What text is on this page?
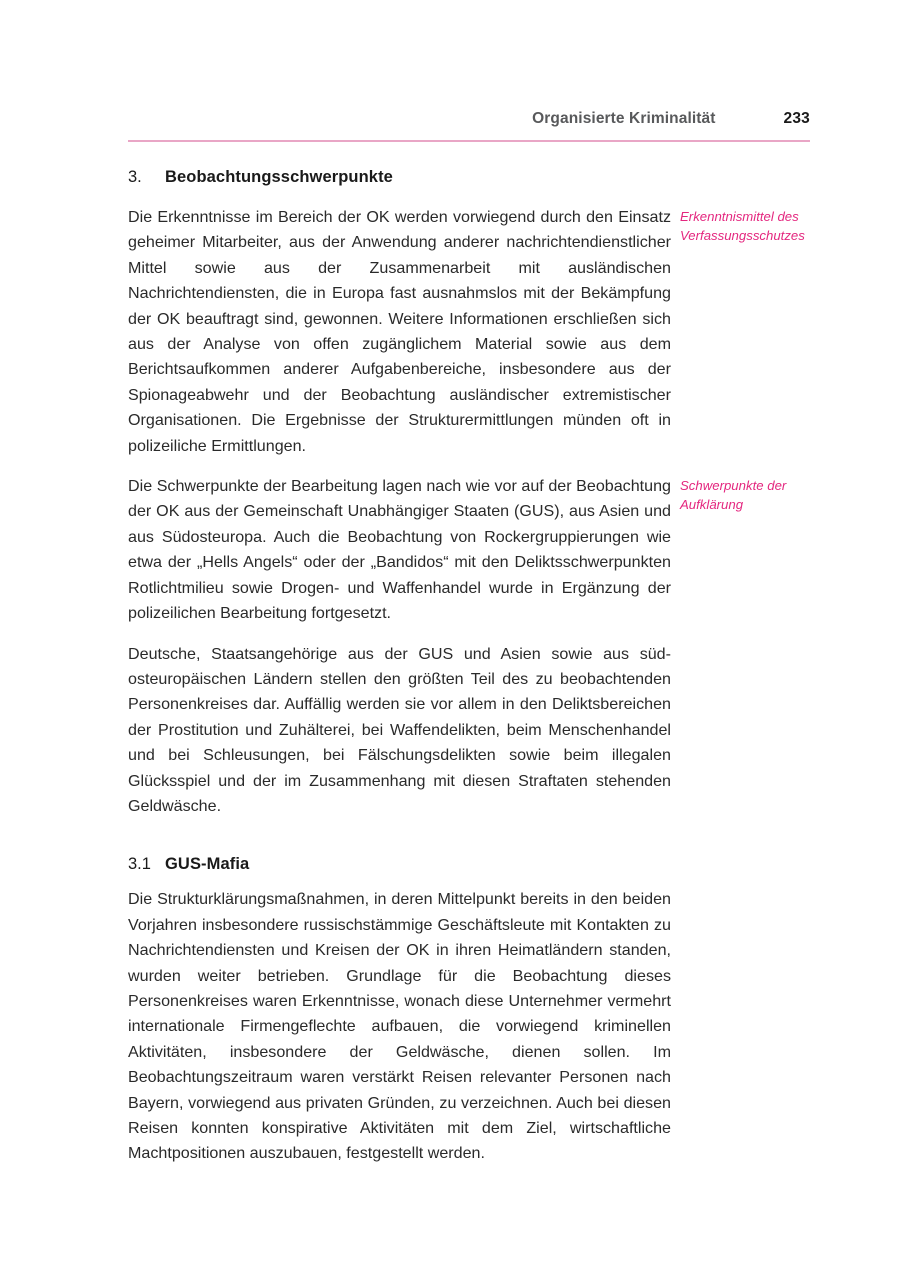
Organisierte Kriminalität	233
3.	Beobachtungsschwerpunkte

Die Erkenntnisse im Bereich der OK werden vorwiegend durch den Einsatz geheimer Mitarbeiter, aus der Anwendung anderer nachrichtendienstlicher Mittel sowie aus der Zusammenarbeit mit ausländischen Nachrichtendiensten, die in Europa fast ausnahmslos mit der Bekämpfung der OK beauftragt sind, gewonnen. Weitere Informationen erschließen sich aus der Analyse von offen zugänglichem Material sowie aus dem Berichtsaufkommen anderer Aufgabenbereiche, insbesondere aus der Spionageabwehr und der Beobachtung ausländischer extremistischer Organisationen. Die Ergebnisse der Strukturermittlungen münden oft in polizeiliche Ermittlungen.

Erkenntnismittel des Verfassungsschutzes

Die Schwerpunkte der Bearbeitung lagen nach wie vor auf der Beobachtung der OK aus der Gemeinschaft Unabhängiger Staaten (GUS), aus Asien und aus Südosteuropa. Auch die Beobachtung von Rockergruppierungen wie etwa der „Hells Angels“ oder der „Bandidos“ mit den Deliktsschwerpunkten Rotlichtmilieu sowie Drogen- und Waffenhandel wurde in Ergänzung der polizeilichen Bearbeitung fortgesetzt.

Schwerpunkte der Aufklärung

Deutsche, Staatsangehörige aus der GUS und Asien sowie aus südosteuropäischen Ländern stellen den größten Teil des zu beobachtenden Personenkreises dar. Auffällig werden sie vor allem in den Deliktsbereichen der Prostitution und Zuhälterei, bei Waffendelikten, beim Menschenhandel und bei Schleusungen, bei Fälschungsdelikten sowie beim illegalen Glücksspiel und der im Zusammenhang mit diesen Straftaten stehenden Geldwäsche.

3.1 GUS-Mafia

Die Strukturklärungsmaßnahmen, in deren Mittelpunkt bereits in den beiden Vorjahren insbesondere russischstämmige Geschäftsleute mit Kontakten zu Nachrichtendiensten und Kreisen der OK in ihren Heimatländern standen, wurden weiter betrieben. Grundlage für die Beobachtung dieses Personenkreises waren Erkenntnisse, wonach diese Unternehmer vermehrt internationale Firmengeflechte aufbauen, die vorwiegend kriminellen Aktivitäten, insbesondere der Geldwäsche, dienen sollen. Im Beobachtungszeitraum waren verstärkt Reisen relevanter Personen nach Bayern, vorwiegend aus privaten Gründen, zu verzeichnen. Auch bei diesen Reisen konnten konspirative Aktivitäten mit dem Ziel, wirtschaftliche Machtpositionen auszubauen, festgestellt werden.
